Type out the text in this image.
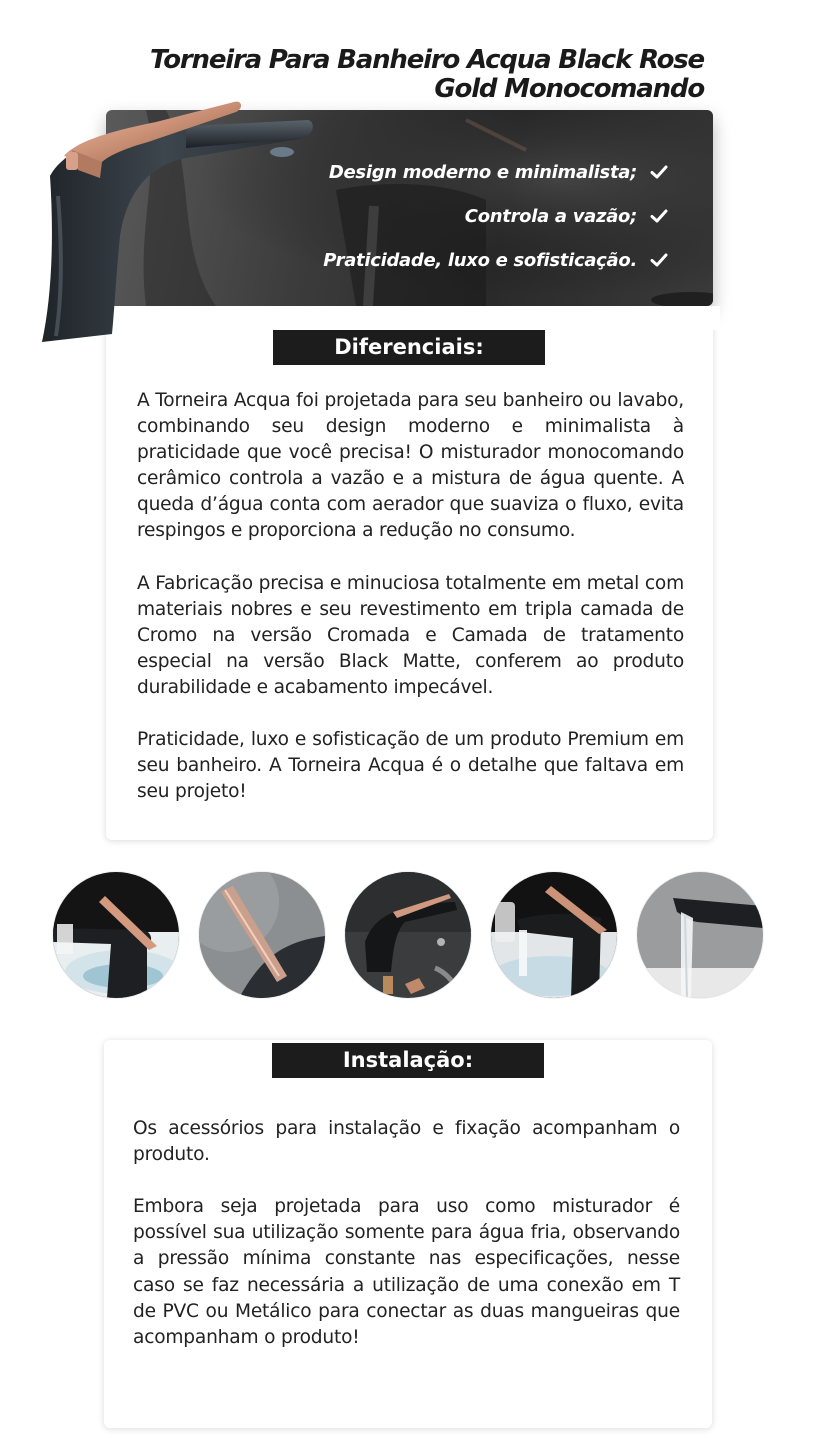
Torneira Para Banheiro Acqua Black Rose
Gold Monocomando
Design moderno e minimalista;
Controla a vazão;
Praticidade, luxo e sofisticação.
Diferenciais:

A Torneira Acqua foi projetada para seu banheiro ou lavabo, combinando seu design moderno e minimalista à praticidade que você precisa! O misturador monocomando cerâmico controla a vazão e a mistura de água quente. A queda d’água conta com aerador que suaviza o fluxo, evita respingos e proporciona a redução no consumo.

A Fabricação precisa e minuciosa totalmente em metal com materiais nobres e seu revestimento em tripla camada de Cromo na versão Cromada e Camada de tratamento especial na versão Black Matte, conferem ao produto durabilidade e acabamento impecável.

Praticidade, luxo e sofisticação de um produto Premium em seu banheiro. A Torneira Acqua é o detalhe que faltava em seu projeto!

Instalação:

Os acessórios para instalação e fixação acompanham o produto.

Embora seja projetada para uso como misturador é possível sua utilização somente para água fria, observando a pressão mínima constante nas especificações, nesse caso se faz necessária a utilização de uma conexão em T de PVC ou Metálico para conectar as duas mangueiras que acompanham o produto!
